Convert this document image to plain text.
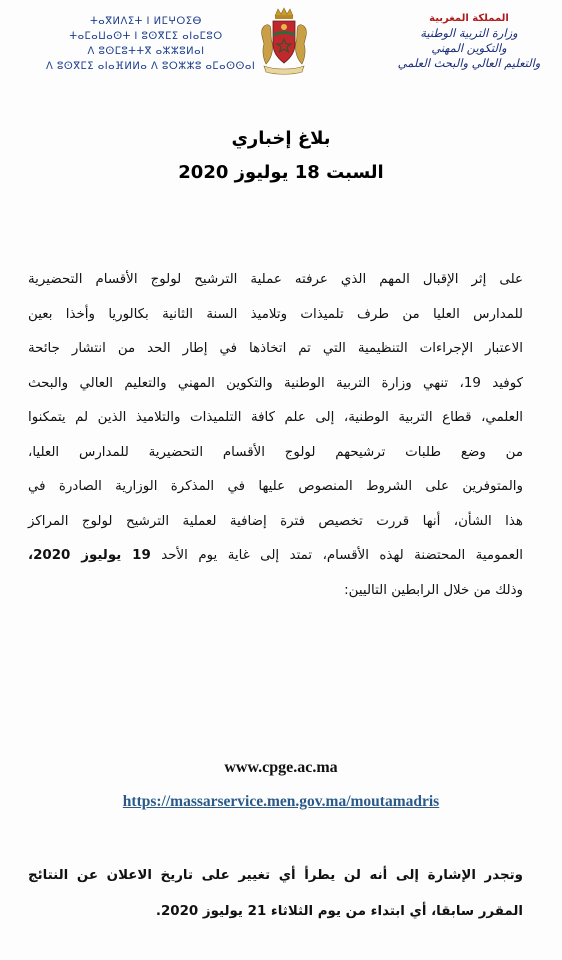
ⵜⴰⴳⵍⴷⵉⵜ ⵏ ⵍⵎⵖⵔⵉⴱ
ⵜⴰⵎⴰⵡⴰⵙⵜ ⵏ ⵓⵙⴳⵎⵉ ⴰⵏⴰⵎⵓⵔ
ⴷ ⵓⵙⵎⵓⵜⵜⴳ ⴰⵣⵣⵓⵍⴰⵏ
ⴷ ⵓⵙⴳⵎⵉ ⴰⵏⴰⴼⵍⵍⴰ ⴷ ⵓⵔⵣⵣⵓ ⴰⵎⴰⵙⵙⴰⵏ
المملكة المغربية
وزارة التربية الوطنية
والتكوين المهني
والتعليم العالي والبحث العلمي
بلاغ إخباري
السبت 18 يوليوز 2020
على إثر الإقبال المهم الذي عرفته عملية الترشيح لولوج الأقسام التحضيرية
للمدارس العليا من طرف تلميذات وتلاميذ السنة الثانية بكالوريا وأخذا بعين
الاعتبار الإجراءات التنظيمية التي تم اتخاذها في إطار الحد من انتشار جائحة
كوفيد 19، تنهي وزارة التربية الوطنية والتكوين المهني والتعليم العالي والبحث
العلمي، قطاع التربية الوطنية، إلى علم كافة التلميذات والتلاميذ الذين لم يتمكنوا
من وضع طلبات ترشيحهم لولوج الأقسام التحضيرية للمدارس العليا،
والمتوفرين على الشروط المنصوص عليها في المذكرة الوزارية الصادرة في
هذا الشأن، أنها قررت تخصيص فترة إضافية لعملية الترشيح لولوج المراكز
العمومية المحتضنة لهذه الأقسام، تمتد إلى غاية يوم الأحد 19 يوليوز 2020،
وذلك من خلال الرابطين التاليين:
www.cpge.ac.ma
https://massarservice.men.gov.ma/moutamadris
وتجدر الإشارة إلى أنه لن يطرأ أي تغيير على تاريخ الاعلان عن النتائج
المقرر سابقا، أي ابتداء من يوم الثلاثاء 21 يوليوز 2020.
